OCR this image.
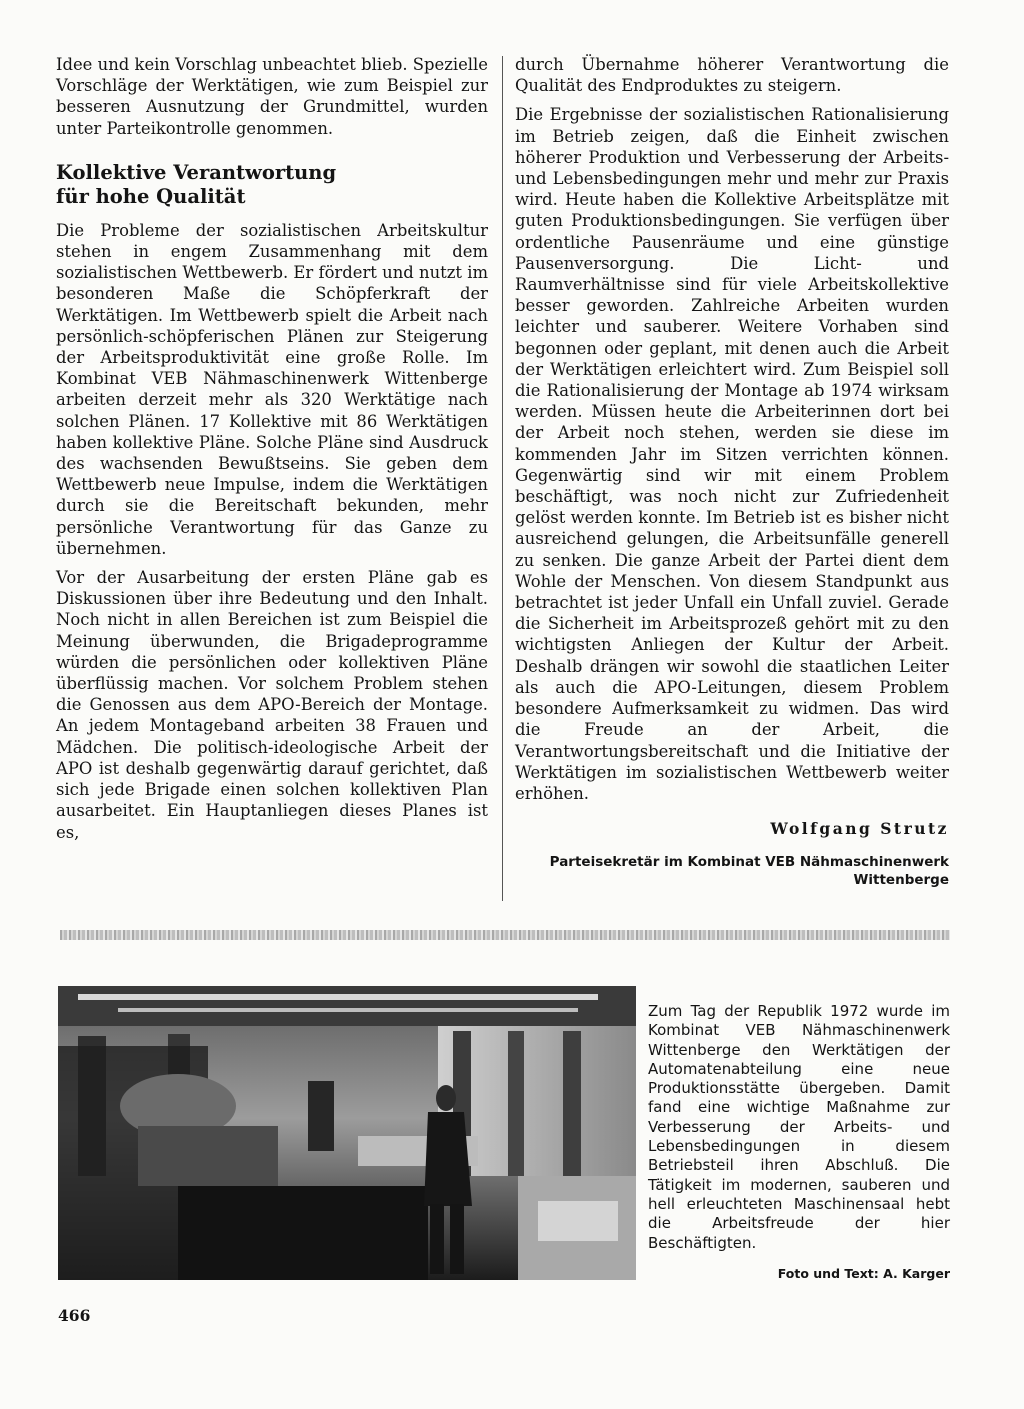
Idee und kein Vorschlag unbeachtet blieb. Spezielle Vorschläge der Werktätigen, wie zum Beispiel zur besseren Ausnutzung der Grundmittel, wurden unter Parteikontrolle genommen.

Kollektive Verantwortung
für hohe Qualität

Die Probleme der sozialistischen Arbeitskultur stehen in engem Zusammenhang mit dem sozialistischen Wettbewerb. Er fördert und nutzt im besonderen Maße die Schöpferkraft der Werktätigen. Im Wettbewerb spielt die Arbeit nach persönlich-schöpferischen Plänen zur Steigerung der Arbeitsproduktivität eine große Rolle. Im Kombinat VEB Nähmaschinenwerk Wittenberge arbeiten derzeit mehr als 320 Werktätige nach solchen Plänen. 17 Kollektive mit 86 Werktätigen haben kollektive Pläne. Solche Pläne sind Ausdruck des wachsenden Bewußtseins. Sie geben dem Wettbewerb neue Impulse, indem die Werktätigen durch sie die Bereitschaft bekunden, mehr persönliche Verantwortung für das Ganze zu übernehmen.

Vor der Ausarbeitung der ersten Pläne gab es Diskussionen über ihre Bedeutung und den Inhalt. Noch nicht in allen Bereichen ist zum Beispiel die Meinung überwunden, die Brigadeprogramme würden die persönlichen oder kollektiven Pläne überflüssig machen. Vor solchem Problem stehen die Genossen aus dem APO-Bereich der Montage. An jedem Montageband arbeiten 38 Frauen und Mädchen. Die politisch-ideologische Arbeit der APO ist deshalb gegenwärtig darauf gerichtet, daß sich jede Brigade einen solchen kollektiven Plan ausarbeitet. Ein Hauptanliegen dieses Planes ist es,

durch Übernahme höherer Verantwortung die Qualität des Endproduktes zu steigern.

Die Ergebnisse der sozialistischen Rationalisierung im Betrieb zeigen, daß die Einheit zwischen höherer Produktion und Verbesserung der Arbeits- und Lebensbedingungen mehr und mehr zur Praxis wird. Heute haben die Kollektive Arbeitsplätze mit guten Produktionsbedingungen. Sie verfügen über ordentliche Pausenräume und eine günstige Pausenversorgung. Die Licht- und Raumverhältnisse sind für viele Arbeitskollektive besser geworden. Zahlreiche Arbeiten wurden leichter und sauberer. Weitere Vorhaben sind begonnen oder geplant, mit denen auch die Arbeit der Werktätigen erleichtert wird. Zum Beispiel soll die Rationalisierung der Montage ab 1974 wirksam werden. Müssen heute die Arbeiterinnen dort bei der Arbeit noch stehen, werden sie diese im kommenden Jahr im Sitzen verrichten können. Gegenwärtig sind wir mit einem Problem beschäftigt, was noch nicht zur Zufriedenheit gelöst werden konnte. Im Betrieb ist es bisher nicht ausreichend gelungen, die Arbeitsunfälle generell zu senken. Die ganze Arbeit der Partei dient dem Wohle der Menschen. Von diesem Standpunkt aus betrachtet ist jeder Unfall ein Unfall zuviel. Gerade die Sicherheit im Arbeitsprozeß gehört mit zu den wichtigsten Anliegen der Kultur der Arbeit. Deshalb drängen wir sowohl die staatlichen Leiter als auch die APO-Leitungen, diesem Problem besondere Aufmerksamkeit zu widmen. Das wird die Freude an der Arbeit, die Verantwortungsbereitschaft und die Initiative der Werktätigen im sozialistischen Wettbewerb weiter erhöhen.

Wolfgang Strutz
Parteisekretär im Kombinat VEB Nähmaschinenwerk
Wittenberge
Zum Tag der Republik 1972 wurde im Kombinat VEB Nähmaschinenwerk Wittenberge den Werktätigen der Automatenabteilung eine neue Produktionsstätte übergeben. Damit fand eine wichtige Maßnahme zur Verbesserung der Arbeits- und Lebensbedingungen in diesem Betriebsteil ihren Abschluß. Die Tätigkeit im modernen, sauberen und hell erleuchteten Maschinensaal hebt die Arbeitsfreude der hier Beschäftigten.
Foto und Text: A. Karger
466
